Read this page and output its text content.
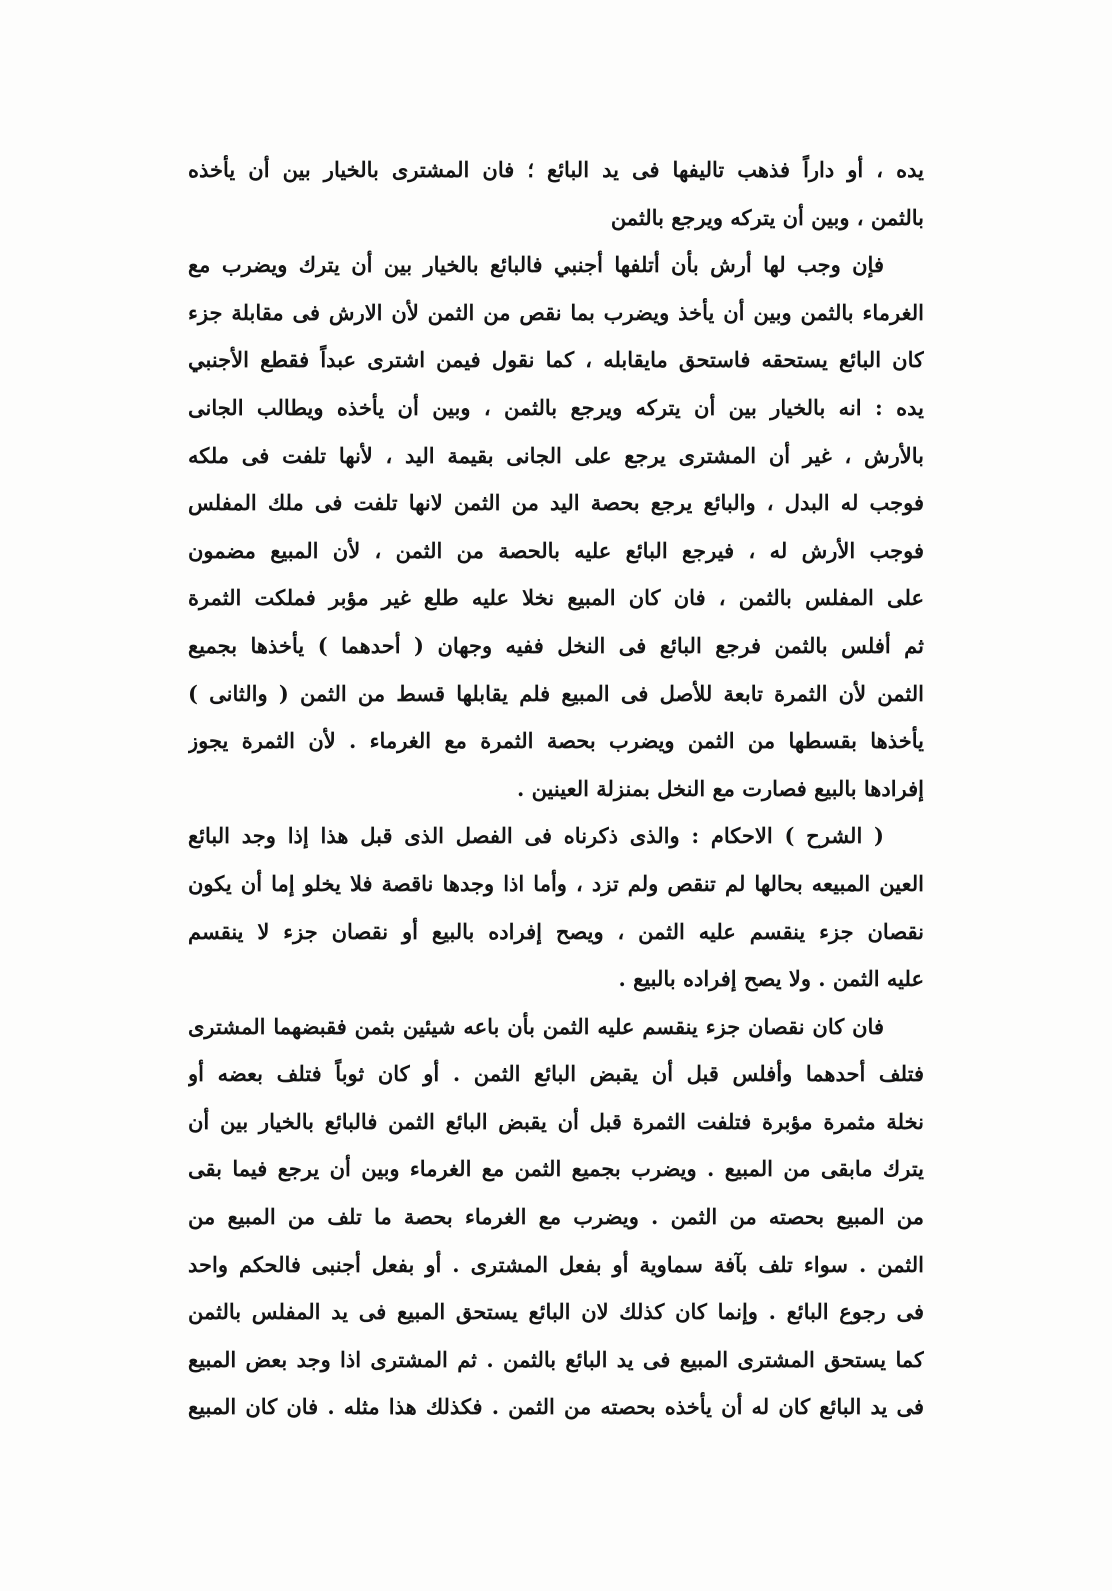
يده ، أو داراً فذهب تاليفها فى يد البائع ؛ فان المشترى بالخيار بين أن يأخذه
بالثمن ، وبين أن يتركه ويرجع بالثمن
فإن وجب لها أرش بأن أتلفها أجنبي فالبائع بالخيار بين أن يترك ويضرب مع
الغرماء بالثمن وبين أن يأخذ ويضرب بما نقص من الثمن لأن الارش فى مقابلة جزء
كان البائع يستحقه فاستحق مايقابله ، كما نقول فيمن اشترى عبداً فقطع الأجنبي
يده : انه بالخيار بين أن يتركه ويرجع بالثمن ، وبين أن يأخذه ويطالب الجانى
بالأرش ، غير أن المشترى يرجع على الجانى بقيمة اليد ، لأنها تلفت فى ملكه
فوجب له البدل ، والبائع يرجع بحصة اليد من الثمن لانها تلفت فى ملك المفلس
فوجب الأرش له ، فيرجع البائع عليه بالحصة من الثمن ، لأن المبيع مضمون
على المفلس بالثمن ، فان كان المبيع نخلا عليه طلع غير مؤبر فملكت الثمرة
ثم أفلس بالثمن فرجع البائع فى النخل ففيه وجهان ( أحدهما ) يأخذها بجميع
الثمن لأن الثمرة تابعة للأصل فى المبيع فلم يقابلها قسط من الثمن ( والثانى )
يأخذها بقسطها من الثمن ويضرب بحصة الثمرة مع الغرماء . لأن الثمرة يجوز
إفرادها بالبيع فصارت مع النخل بمنزلة العينين .
( الشرح ) الاحكام : والذى ذكرناه فى الفصل الذى قبل هذا إذا وجد البائع
العين المبيعه بحالها لم تنقص ولم تزد ، وأما اذا وجدها ناقصة فلا يخلو إما أن يكون
نقصان جزء ينقسم عليه الثمن ، ويصح إفراده بالبيع أو نقصان جزء لا ينقسم
عليه الثمن . ولا يصح إفراده بالبيع .
فان كان نقصان جزء ينقسم عليه الثمن بأن باعه شيئين بثمن فقبضهما المشترى
فتلف أحدهما وأفلس قبل أن يقبض البائع الثمن . أو كان ثوباً فتلف بعضه أو
نخلة مثمرة مؤبرة فتلفت الثمرة قبل أن يقبض البائع الثمن فالبائع بالخيار بين أن
يترك مابقى من المبيع . ويضرب بجميع الثمن مع الغرماء وبين أن يرجع فيما بقى
من المبيع بحصته من الثمن . ويضرب مع الغرماء بحصة ما تلف من المبيع من
الثمن . سواء تلف بآفة سماوية أو بفعل المشترى . أو بفعل أجنبى فالحكم واحد
فى رجوع البائع . وإنما كان كذلك لان البائع يستحق المبيع فى يد المفلس بالثمن
كما يستحق المشترى المبيع فى يد البائع بالثمن . ثم المشترى اذا وجد بعض المبيع
فى يد البائع كان له أن يأخذه بحصته من الثمن . فكذلك هذا مثله . فان كان المبيع
